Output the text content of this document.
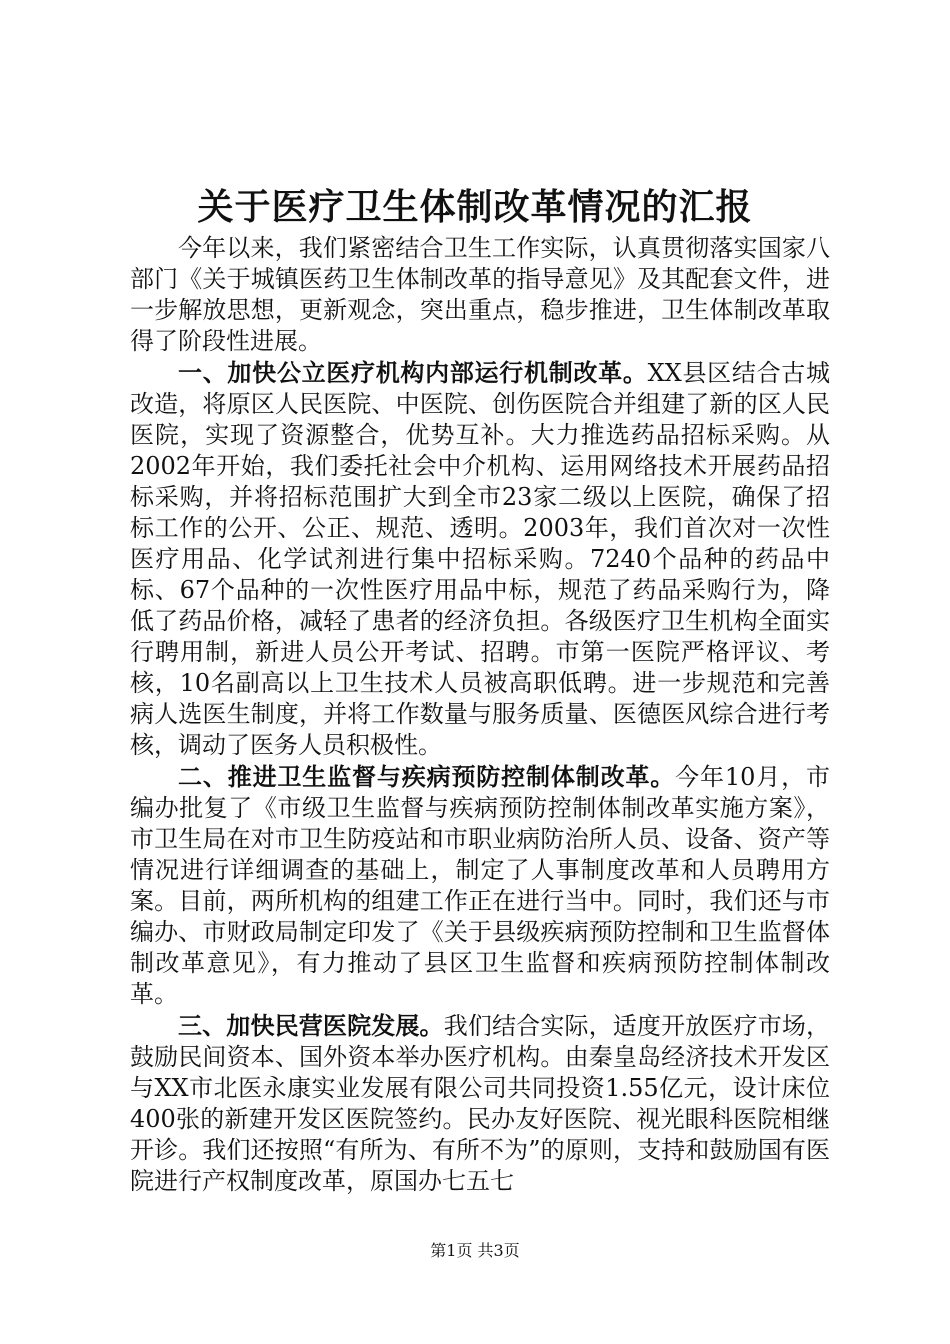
关于医疗卫生体制改革情况的汇报

今年以来，我们紧密结合卫生工作实际，认真贯彻落实国家八部门《关于城镇医药卫生体制改革的指导意见》及其配套文件，进一步解放思想，更新观念，突出重点，稳步推进，卫生体制改革取得了阶段性进展。

一、加快公立医疗机构内部运行机制改革。XX县区结合古城改造，将原区人民医院、中医院、创伤医院合并组建了新的区人民医院，实现了资源整合，优势互补。大力推选药品招标采购。从2002年开始，我们委托社会中介机构、运用网络技术开展药品招标采购，并将招标范围扩大到全市23家二级以上医院，确保了招标工作的公开、公正、规范、透明。2003年，我们首次对一次性医疗用品、化学试剂进行集中招标采购。7240个品种的药品中标、67个品种的一次性医疗用品中标，规范了药品采购行为，降低了药品价格，减轻了患者的经济负担。各级医疗卫生机构全面实行聘用制，新进人员公开考试、招聘。市第一医院严格评议、考核，10名副高以上卫生技术人员被高职低聘。进一步规范和完善病人选医生制度，并将工作数量与服务质量、医德医风综合进行考核，调动了医务人员积极性。

二、推进卫生监督与疾病预防控制体制改革。今年10月，市编办批复了《市级卫生监督与疾病预防控制体制改革实施方案》，市卫生局在对市卫生防疫站和市职业病防治所人员、设备、资产等情况进行详细调查的基础上，制定了人事制度改革和人员聘用方案。目前，两所机构的组建工作正在进行当中。同时，我们还与市编办、市财政局制定印发了《关于县级疾病预防控制和卫生监督体制改革意见》，有力推动了县区卫生监督和疾病预防控制体制改革。

三、加快民营医院发展。我们结合实际，适度开放医疗市场，鼓励民间资本、国外资本举办医疗机构。由秦皇岛经济技术开发区与XX市北医永康实业发展有限公司共同投资1.55亿元，设计床位400张的新建开发区医院签约。民办友好医院、视光眼科医院相继开诊。我们还按照“有所为、有所不为”的原则，支持和鼓励国有医院进行产权制度改革，原国办七五七

第1页 共3页
